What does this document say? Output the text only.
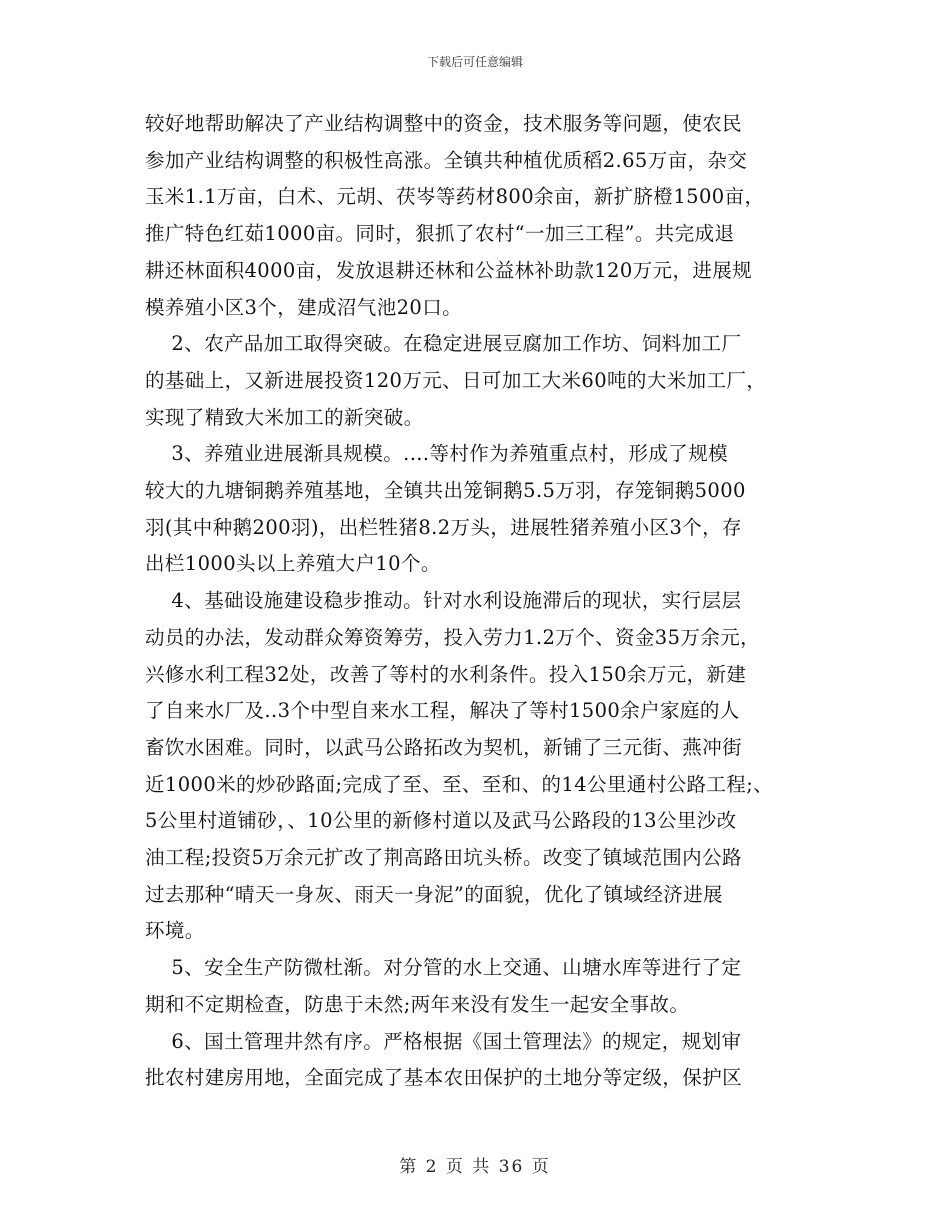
下载后可任意编辑
较好地帮助解决了产业结构调整中的资金，技术服务等问题，使农民
参加产业结构调整的积极性高涨。全镇共种植优质稻2.65万亩，杂交
玉米1.1万亩，白术、元胡、茯岑等药材800余亩，新扩脐橙1500亩，
推广特色红茹1000亩。同时，狠抓了农村“一加三工程”。共完成退
耕还林面积4000亩，发放退耕还林和公益林补助款120万元，进展规
模养殖小区3个，建成沼气池20口。
2、农产品加工取得突破。在稳定进展豆腐加工作坊、饲料加工厂
的基础上，又新进展投资120万元、日可加工大米60吨的大米加工厂，
实现了精致大米加工的新突破。
3、养殖业进展渐具规模。....等村作为养殖重点村，形成了规模
较大的九塘铜鹅养殖基地，全镇共出笼铜鹅5.5万羽，存笼铜鹅5000
羽(其中种鹅200羽)，出栏牲猪8.2万头，进展牲猪养殖小区3个，存
出栏1000头以上养殖大户10个。
4、基础设施建设稳步推动。针对水利设施滞后的现状，实行层层
动员的办法，发动群众筹资筹劳，投入劳力1.2万个、资金35万余元，
兴修水利工程32处，改善了等村的水利条件。投入150余万元，新建
了自来水厂及..3个中型自来水工程，解决了等村1500余户家庭的人
畜饮水困难。同时，以武马公路拓改为契机，新铺了三元街、燕冲街
近1000米的炒砂路面;完成了至、至、至和、的14公里通村公路工程;、
5公里村道铺砂，、10公里的新修村道以及武马公路段的13公里沙改
油工程;投资5万余元扩改了荆高路田坑头桥。改变了镇域范围内公路
过去那种“晴天一身灰、雨天一身泥”的面貌，优化了镇域经济进展
环境。
5、安全生产防微杜渐。对分管的水上交通、山塘水库等进行了定
期和不定期检查，防患于未然;两年来没有发生一起安全事故。
6、国土管理井然有序。严格根据《国土管理法》的规定，规划审
批农村建房用地，全面完成了基本农田保护的土地分等定级，保护区
第 2 页 共 36 页
